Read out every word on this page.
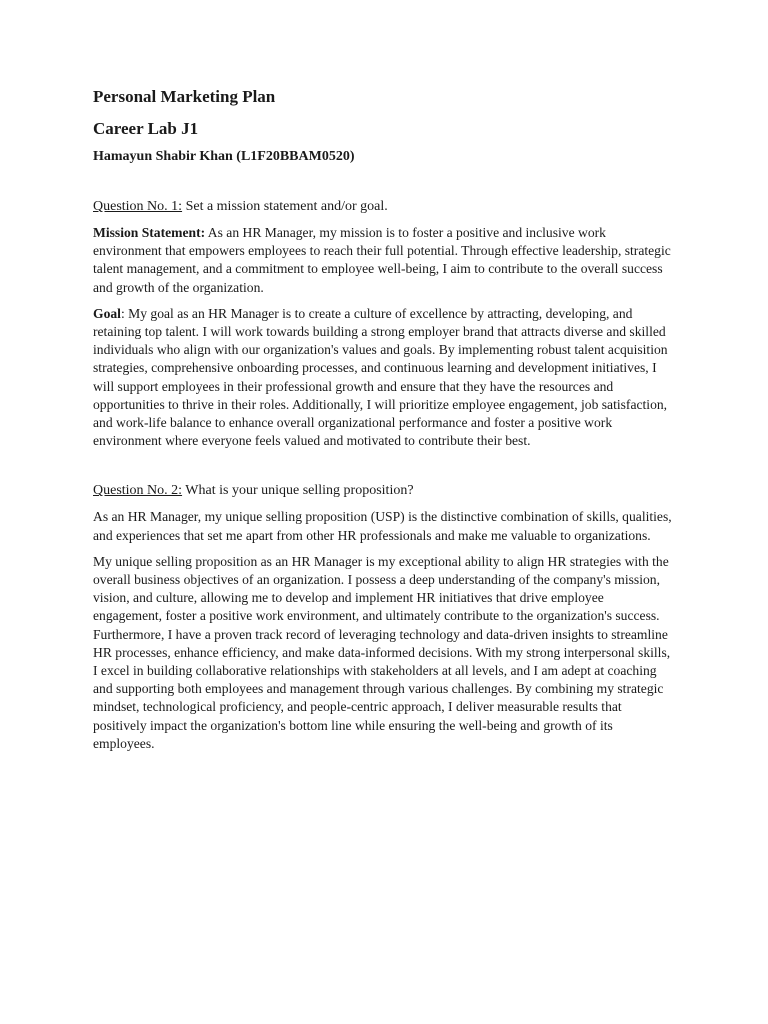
Personal Marketing Plan
Career Lab J1
Hamayun Shabir Khan (L1F20BBAM0520)

Question No. 1: Set a mission statement and/or goal.

Mission Statement: As an HR Manager, my mission is to foster a positive and inclusive work environment that empowers employees to reach their full potential. Through effective leadership, strategic talent management, and a commitment to employee well-being, I aim to contribute to the overall success and growth of the organization.

Goal: My goal as an HR Manager is to create a culture of excellence by attracting, developing, and retaining top talent. I will work towards building a strong employer brand that attracts diverse and skilled individuals who align with our organization's values and goals. By implementing robust talent acquisition strategies, comprehensive onboarding processes, and continuous learning and development initiatives, I will support employees in their professional growth and ensure that they have the resources and opportunities to thrive in their roles. Additionally, I will prioritize employee engagement, job satisfaction, and work-life balance to enhance overall organizational performance and foster a positive work environment where everyone feels valued and motivated to contribute their best.

Question No. 2: What is your unique selling proposition?

As an HR Manager, my unique selling proposition (USP) is the distinctive combination of skills, qualities, and experiences that set me apart from other HR professionals and make me valuable to organizations.

My unique selling proposition as an HR Manager is my exceptional ability to align HR strategies with the overall business objectives of an organization. I possess a deep understanding of the company's mission, vision, and culture, allowing me to develop and implement HR initiatives that drive employee engagement, foster a positive work environment, and ultimately contribute to the organization's success. Furthermore, I have a proven track record of leveraging technology and data-driven insights to streamline HR processes, enhance efficiency, and make data-informed decisions. With my strong interpersonal skills, I excel in building collaborative relationships with stakeholders at all levels, and I am adept at coaching and supporting both employees and management through various challenges. By combining my strategic mindset, technological proficiency, and people-centric approach, I deliver measurable results that positively impact the organization's bottom line while ensuring the well-being and growth of its employees.
